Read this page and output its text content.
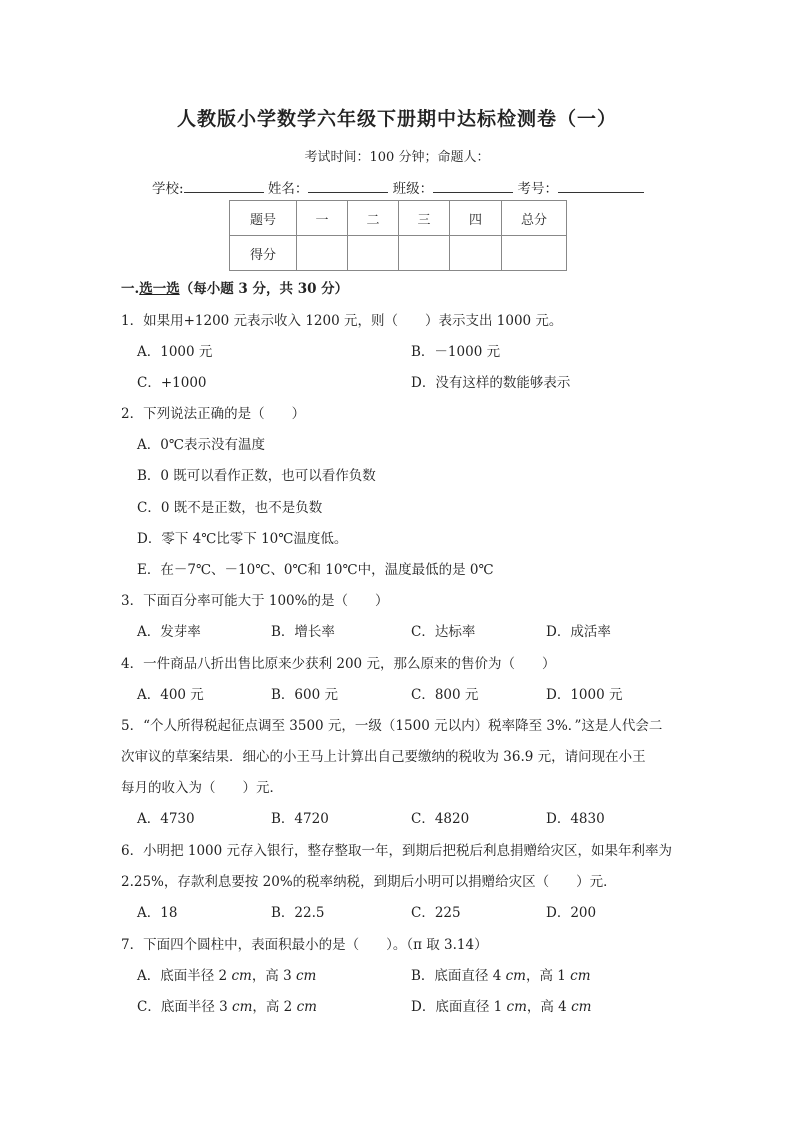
人教版小学数学六年级下册期中达标检测卷（一）
考试时间：100 分钟；命题人：
学校:	姓名：	班级：	考号：
题号	一	二	三	四	总分
得分					
一.选一选（每小题 3 分，共 30 分）
1．如果用+1200 元表示收入 1200 元，则（　　）表示支出 1000 元。
A．1000 元	B．－1000 元
C．+1000	D．没有这样的数能够表示
2．下列说法正确的是（　　）
A．0℃表示没有温度
B．0 既可以看作正数，也可以看作负数
C．0 既不是正数，也不是负数
D．零下 4℃比零下 10℃温度低。
E．在－7℃、－10℃、0℃和 10℃中，温度最低的是 0℃
3．下面百分率可能大于 100%的是（　　）
A．发芽率	B．增长率	C．达标率	D．成活率
4．一件商品八折出售比原来少获利 200 元，那么原来的售价为（　　）
A．400 元	B．600 元	C．800 元	D．1000 元
5．“个人所得税起征点调至 3500 元，一级（1500 元以内）税率降至 3%．”这是人代会二
次审议的草案结果．细心的小王马上计算出自己要缴纳的税收为 36.9 元，请问现在小王
每月的收入为（　　）元．
A．4730	B．4720	C．4820	D．4830
6．小明把 1000 元存入银行，整存整取一年，到期后把税后利息捐赠给灾区，如果年利率为
2.25%，存款利息要按 20%的税率纳税，到期后小明可以捐赠给灾区（　　）元．
A．18	B．22.5	C．225	D．200
7．下面四个圆柱中，表面积最小的是（　　）。（π 取 3.14）
A．底面半径 2 cm，高 3 cm	B．底面直径 4 cm，高 1 cm
C．底面半径 3 cm，高 2 cm	D．底面直径 1 cm，高 4 cm
